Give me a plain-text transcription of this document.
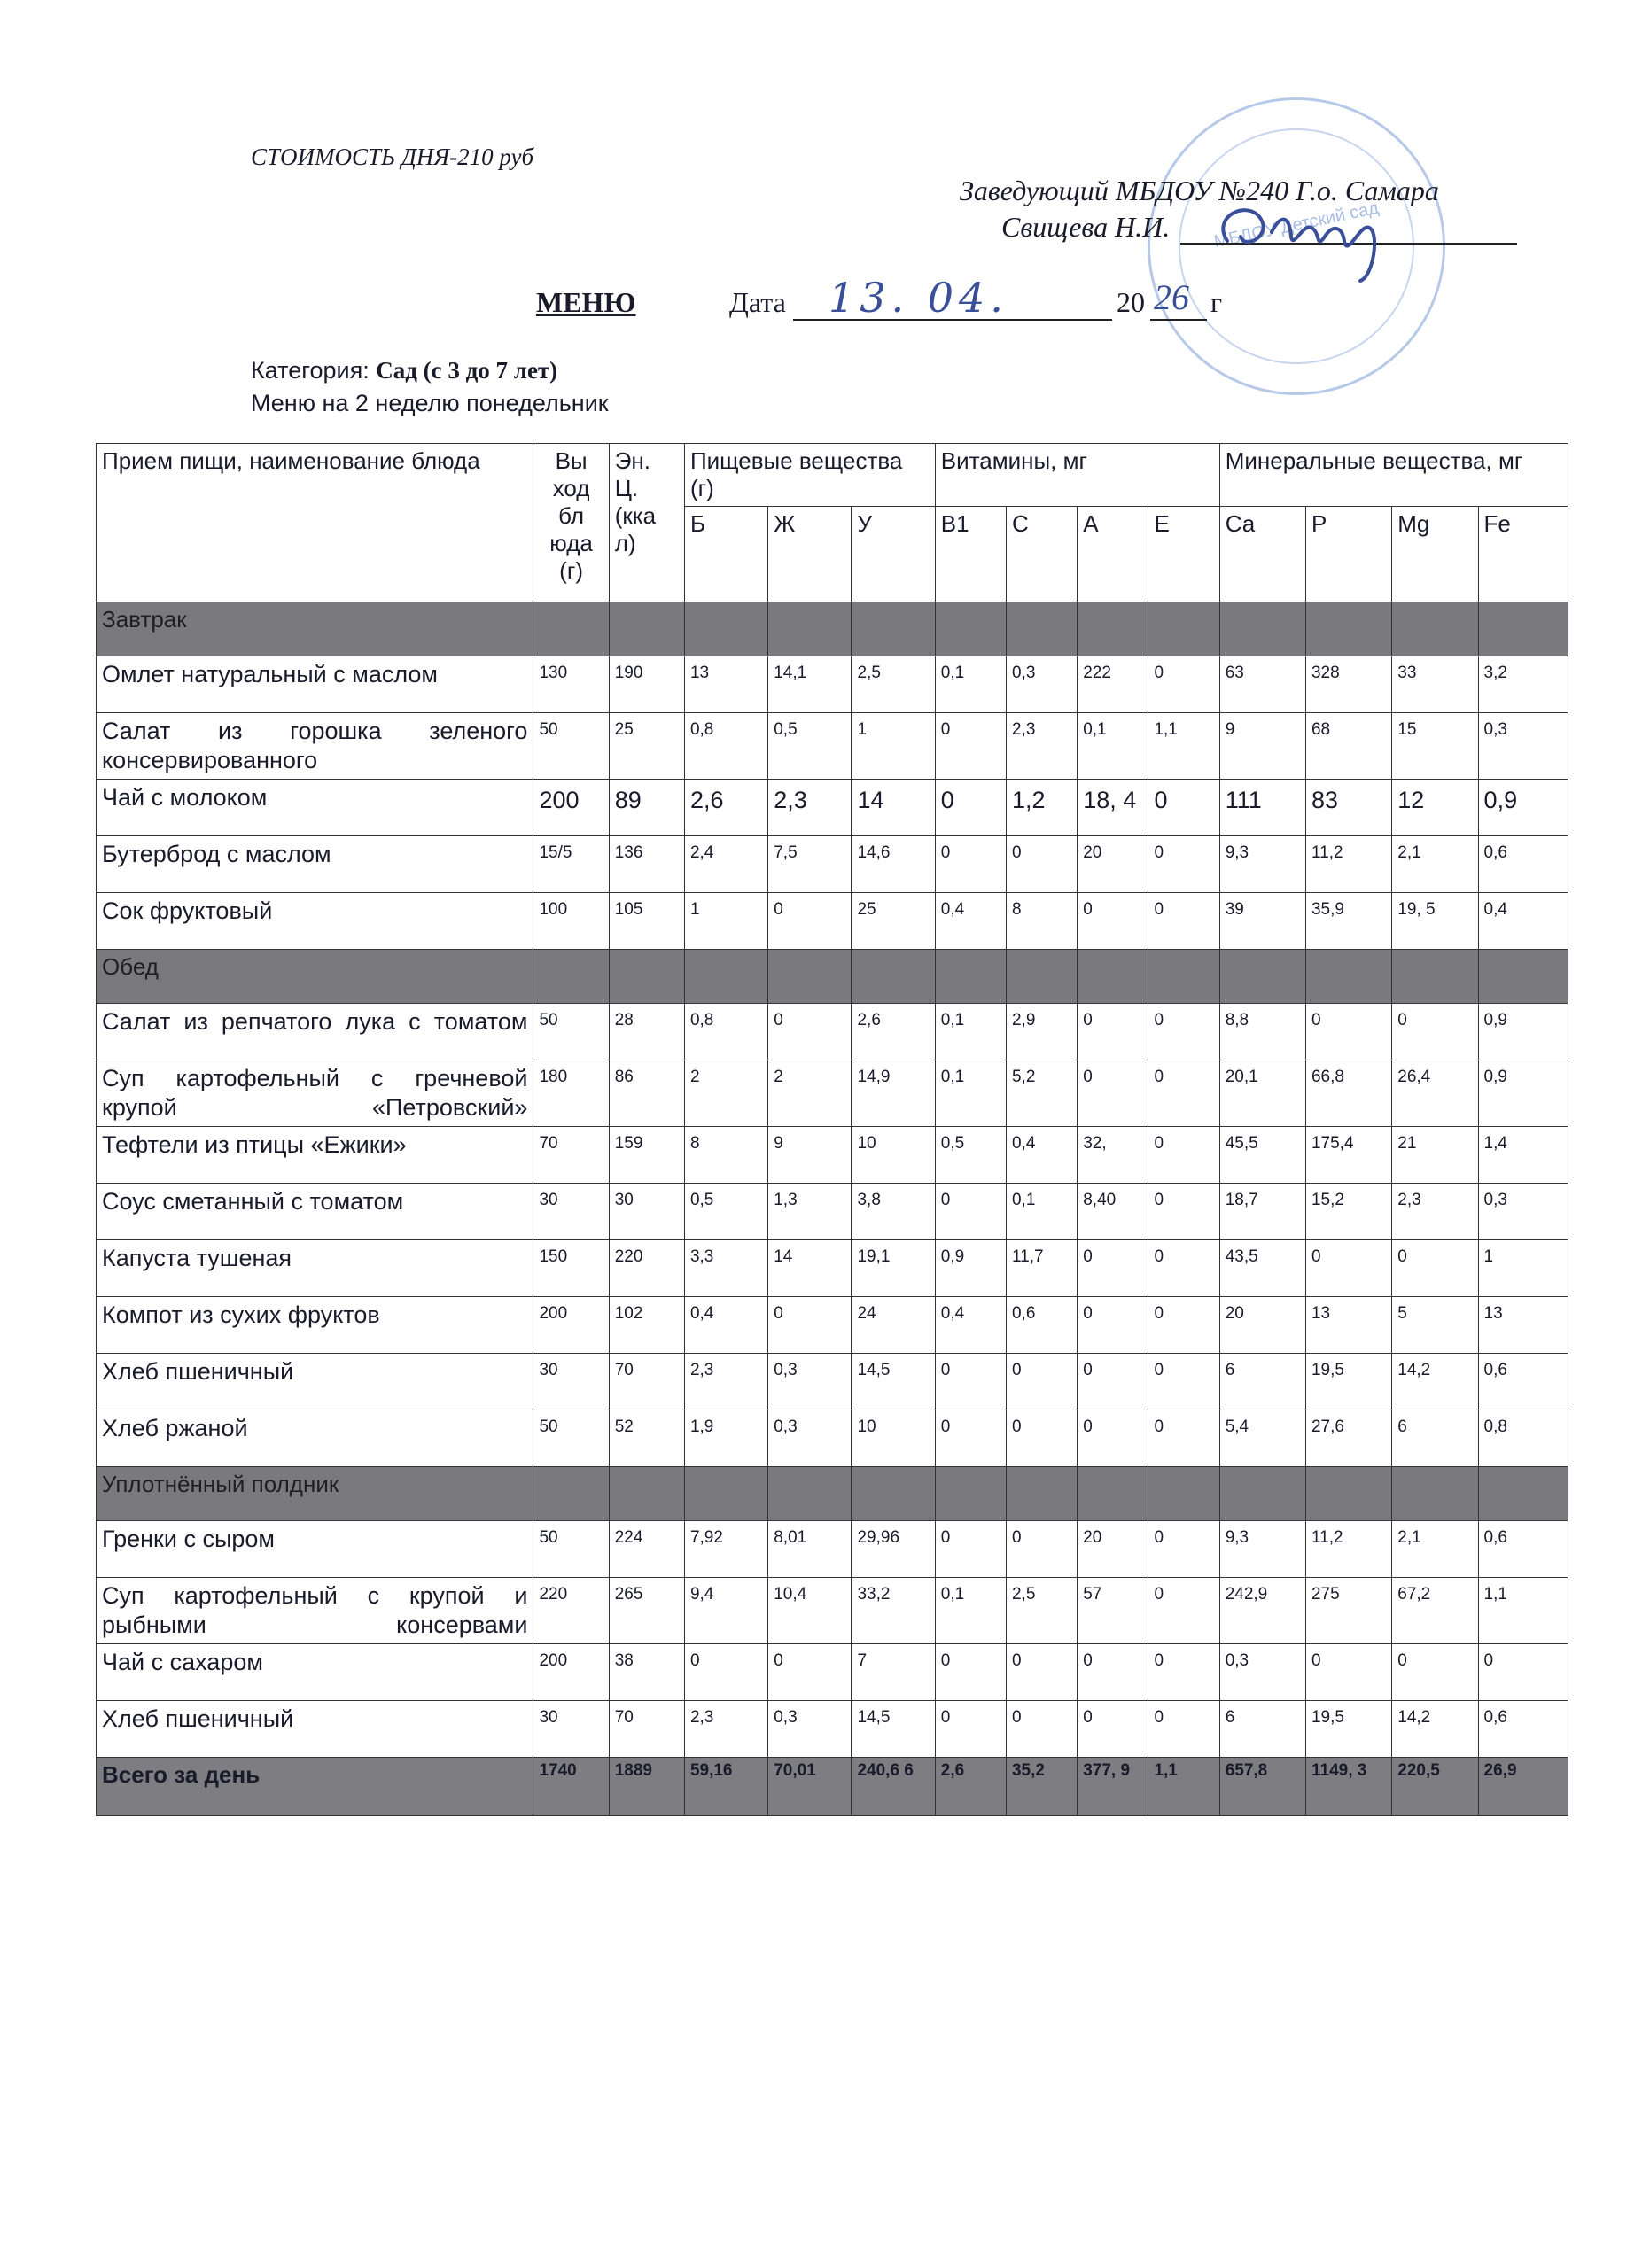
СТОИМОСТЬ ДНЯ-210 руб
МБДОУ Детский сад
Заведующий МБДОУ №240 Г.о. Самара
Свищева Н.И.
МЕНЮ	Дата 13. 04.	20 26 г
Категория: Сад (с 3 до 7 лет)
Меню на 2 неделю понедельник
Прием пищи, наименование блюда	Вы ход бл юда (г)	Эн. Ц. (кка л)	Пищевые вещества (г)			Витамины, мг				Минеральные вещества, мг			
			Б	Ж	У	В1	С	А	Е	Са	Р	Mg	Fe
Завтрак													
Омлет натуральный с маслом	130	190	13	14,1	2,5	0,1	0,3	222	0	63	328	33	3,2
Салат из горошка зеленого консервированного	50	25	0,8	0,5	1	0	2,3	0,1	1,1	9	68	15	0,3
Чай с молоком	200	89	2,6	2,3	14	0	1,2	18, 4	0	111	83	12	0,9
Бутерброд с маслом	15/5	136	2,4	7,5	14,6	0	0	20	0	9,3	11,2	2,1	0,6
Сок фруктовый	100	105	1	0	25	0,4	8	0	0	39	35,9	19, 5	0,4
Обед													
Салат из репчатого лука с томатом	50	28	0,8	0	2,6	0,1	2,9	0	0	8,8	0	0	0,9
Суп картофельный с гречневой крупой «Петровский»	180	86	2	2	14,9	0,1	5,2	0	0	20,1	66,8	26,4	0,9
Тефтели из птицы «Ежики»	70	159	8	9	10	0,5	0,4	32,	0	45,5	175,4	21	1,4
Соус сметанный с томатом	30	30	0,5	1,3	3,8	0	0,1	8,40	0	18,7	15,2	2,3	0,3
Капуста тушеная	150	220	3,3	14	19,1	0,9	11,7	0	0	43,5	0	0	1
Компот из сухих фруктов	200	102	0,4	0	24	0,4	0,6	0	0	20	13	5	13
Хлеб пшеничный	30	70	2,3	0,3	14,5	0	0	0	0	6	19,5	14,2	0,6
Хлеб ржаной	50	52	1,9	0,3	10	0	0	0	0	5,4	27,6	6	0,8
Уплотнённый полдник													
Гренки с сыром	50	224	7,92	8,01	29,96	0	0	20	0	9,3	11,2	2,1	0,6
Суп картофельный с крупой и рыбными консервами	220	265	9,4	10,4	33,2	0,1	2,5	57	0	242,9	275	67,2	1,1
Чай с сахаром	200	38	0	0	7	0	0	0	0	0,3	0	0	0
Хлеб пшеничный	30	70	2,3	0,3	14,5	0	0	0	0	6	19,5	14,2	0,6
Всего за день	1740	1889	59,16	70,01	240,6 6	2,6	35,2	377, 9	1,1	657,8	1149, 3	220,5	26,9
